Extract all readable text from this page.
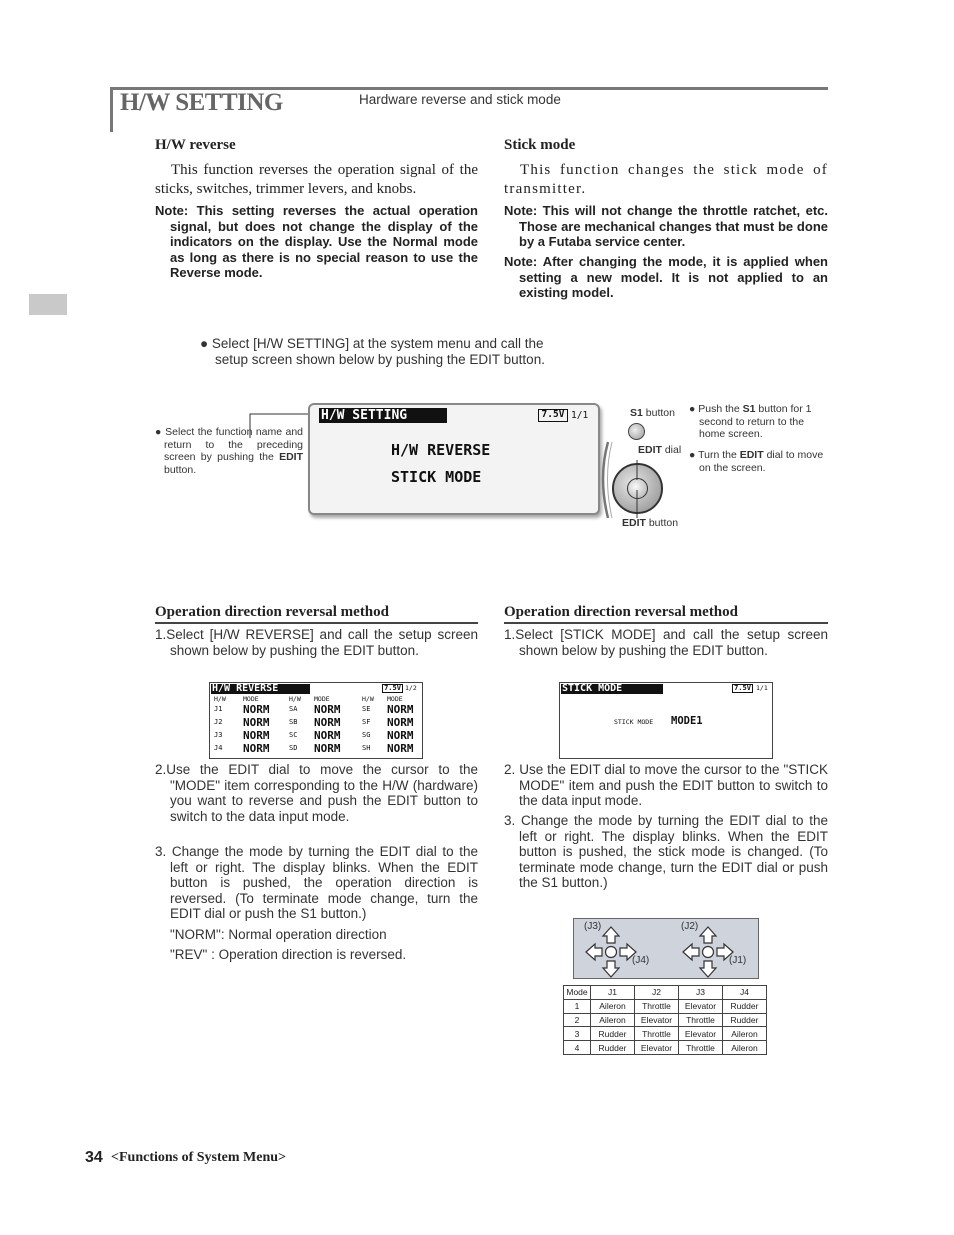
H/W SETTING	Hardware reverse and stick mode
H/W reverse
This function reverses the operation signal of the sticks, switches, trimmer levers, and knobs.
Note: This setting reverses the actual operation signal, but does not change the display of the indicators on the display. Use the Normal mode as long as there is no special reason to use the Reverse mode.
Stick mode
This function changes the stick mode of transmitter.
Note: This will not change the throttle ratchet, etc. Those are mechanical changes that must be done by a Futaba service center.
Note: After changing the mode, it is applied when setting a new model. It is not applied to an existing model.
● Select [H/W SETTING] at the system menu and call the setup screen shown below by pushing the EDIT button.
● Select the function name and return to the preceding screen by pushing the EDIT button.
H/W SETTING	7.5V 1/1
H/W REVERSE
STICK MODE
S1 button
EDIT dial
EDIT button
● Push the S1 button for 1 second to return to the home screen.
● Turn the EDIT dial to move on the screen.
Operation direction reversal method
1.Select [H/W REVERSE] and call the setup screen shown below by pushing the EDIT button.
H/W REVERSE	7.5V 1/2
H/W	MODE	H/W MODE	H/W MODE
J1 NORM	SA NORM	SE NORM
J2 NORM	SB NORM	SF NORM
J3 NORM	SC NORM	SG NORM
J4 NORM	SD NORM	SH NORM
2.Use the EDIT dial to move the cursor to the "MODE" item corresponding to the H/W (hardware) you want to reverse and push the EDIT button to switch to the data input mode.
3. Change the mode by turning the EDIT dial to the left or right. The display blinks. When the EDIT button is pushed, the operation direction is reversed. (To terminate mode change, turn the EDIT dial or push the S1 button.)
"NORM": Normal operation direction
"REV" : Operation direction is reversed.
Operation direction reversal method
1.Select [STICK MODE] and call the setup screen shown below by pushing the EDIT button.
STICK MODE	7.5V 1/1
STICK MODE MODE1
2. Use the EDIT dial to move the cursor to the "STICK MODE" item and push the EDIT button to switch to the data input mode.
3. Change the mode by turning the EDIT dial to the left or right. The display blinks. When the EDIT button is pushed, the stick mode is changed. (To terminate mode change, turn the EDIT dial or push the S1 button.)
(J3)
(J4)
(J2)
(J1)
Mode	J1	J2	J3	J4
1	Aileron	Throttle	Elevator	Rudder
2	Aileron	Elevator	Throttle	Rudder
3	Rudder	Throttle	Elevator	Aileron
4	Rudder	Elevator	Throttle	Aileron
34 <Functions of System Menu>
